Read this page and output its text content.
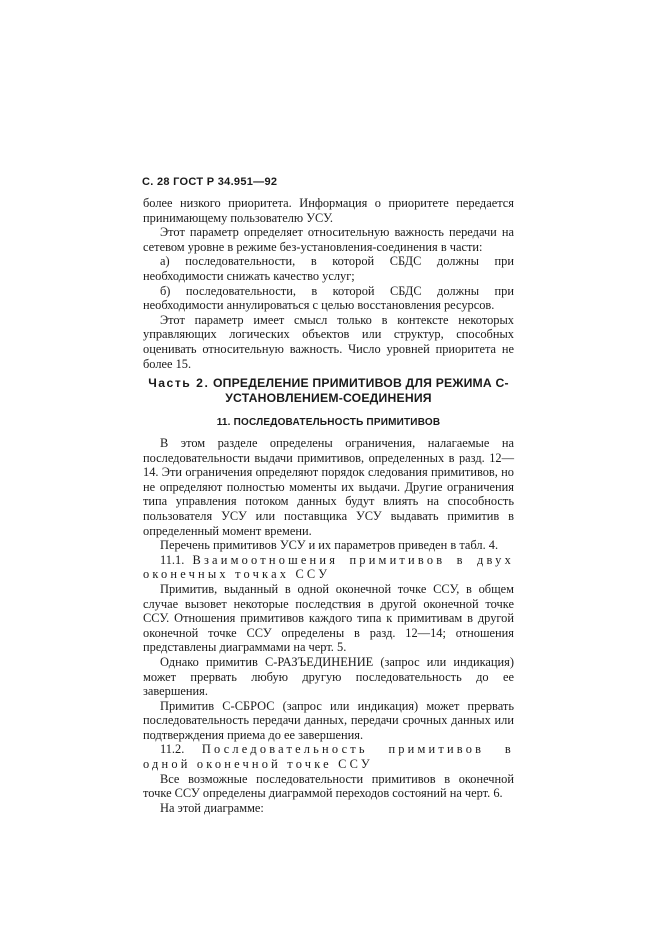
С. 28 ГОСТ Р 34.951—92

более низкого приоритета. Информация о приоритете передается принимающему пользователю УСУ.

Этот параметр определяет относительную важность передачи на сетевом уровне в режиме без-установления-соединения в части:

а) последовательности, в которой СБДС должны при необходимости снижать качество услуг;

б) последовательности, в которой СБДС должны при необходимости аннулироваться с целью восстановления ресурсов.

Этот параметр имеет смысл только в контексте некоторых управляющих логических объектов или структур, способных оценивать относительную важность. Число уровней приоритета не более 15.

Часть 2. ОПРЕДЕЛЕНИЕ ПРИМИТИВОВ ДЛЯ РЕЖИМА С-
УСТАНОВЛЕНИЕМ-СОЕДИНЕНИЯ
11. ПОСЛЕДОВАТЕЛЬНОСТЬ ПРИМИТИВОВ

В этом разделе определены ограничения, налагаемые на последовательности выдачи примитивов, определенных в разд. 12—14. Эти ограничения определяют порядок следования примитивов, но не определяют полностью моменты их выдачи. Другие ограничения типа управления потоком данных будут влиять на способность пользователя УСУ или поставщика УСУ выдавать примитив в определенный момент времени.

Перечень примитивов УСУ и их параметров приведен в табл. 4.

11.1. Взаимоотношения примитивов в двух оконечных точках ССУ

Примитив, выданный в одной оконечной точке ССУ, в общем случае вызовет некоторые последствия в другой оконечной точке ССУ. Отношения примитивов каждого типа к примитивам в другой оконечной точке ССУ определены в разд. 12—14; отношения представлены диаграммами на черт. 5.

Однако примитив С-РАЗЪЕДИНЕНИЕ (запрос или индикация) может прервать любую другую последовательность до ее завершения.

Примитив С-СБРОС (запрос или индикация) может прервать последовательность передачи данных, передачи срочных данных или подтверждения приема до ее завершения.

11.2. Последовательность примитивов в одной оконечной точке ССУ

Все возможные последовательности примитивов в оконечной точке ССУ определены диаграммой переходов состояний на черт. 6.

На этой диаграмме:
